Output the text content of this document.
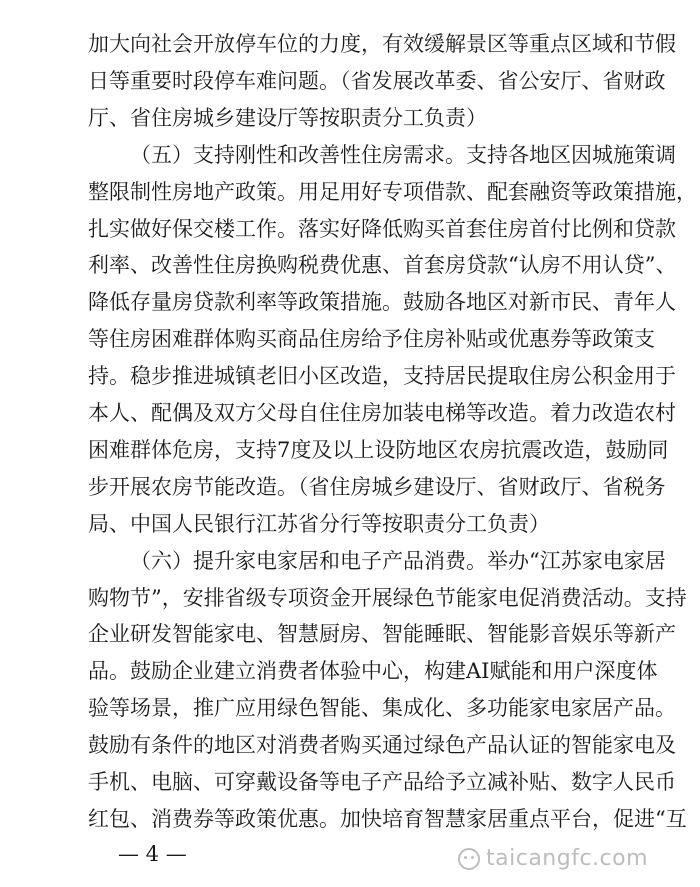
加大向社会开放停车位的力度，有效缓解景区等重点区域和节假
日等重要时段停车难问题。（省发展改革委、省公安厅、省财政
厅、省住房城乡建设厅等按职责分工负责）
（五）支持刚性和改善性住房需求。支持各地区因城施策调
整限制性房地产政策。用足用好专项借款、配套融资等政策措施，
扎实做好保交楼工作。落实好降低购买首套住房首付比例和贷款
利率、改善性住房换购税费优惠、首套房贷款“认房不用认贷”、
降低存量房贷款利率等政策措施。鼓励各地区对新市民、青年人
等住房困难群体购买商品住房给予住房补贴或优惠券等政策支
持。稳步推进城镇老旧小区改造，支持居民提取住房公积金用于
本人、配偶及双方父母自住住房加装电梯等改造。着力改造农村
困难群体危房，支持7度及以上设防地区农房抗震改造，鼓励同
步开展农房节能改造。（省住房城乡建设厅、省财政厅、省税务
局、中国人民银行江苏省分行等按职责分工负责）
（六）提升家电家居和电子产品消费。举办“江苏家电家居
购物节”，安排省级专项资金开展绿色节能家电促消费活动。支持
企业研发智能家电、智慧厨房、智能睡眠、智能影音娱乐等新产
品。鼓励企业建立消费者体验中心，构建AI赋能和用户深度体
验等场景，推广应用绿色智能、集成化、多功能家电家居产品。
鼓励有条件的地区对消费者购买通过绿色产品认证的智能家电及
手机、电脑、可穿戴设备等电子产品给予立减补贴、数字人民币
红包、消费券等政策优惠。加快培育智慧家居重点平台，促进“互
— 4 —	taicangfc.com
